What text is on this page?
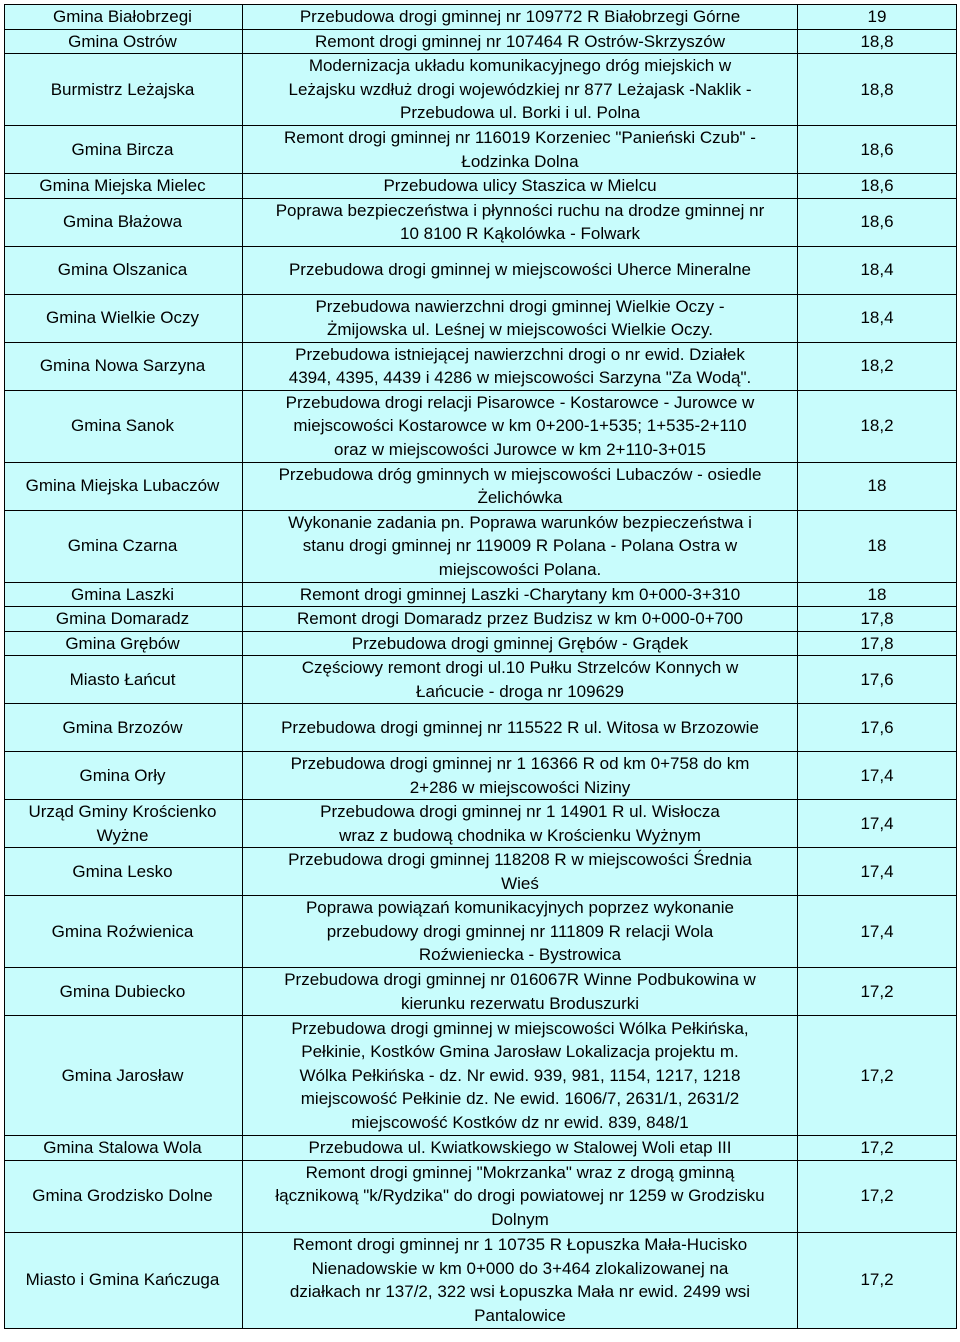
Gmina Białobrzegi	Przebudowa drogi gminnej nr 109772 R Białobrzegi Górne	19

Gmina Ostrów	Remont drogi gminnej nr 107464 R Ostrów-Skrzyszów	18,8

Burmistrz Leżajska	Modernizacja układu komunikacyjnego dróg miejskich w
Leżajsku wzdłuż drogi wojewódzkiej nr 877 Leżajask -Naklik -
Przebudowa ul. Borki i ul. Polna	18,8

Gmina Bircza	Remont drogi gminnej nr 116019 Korzeniec "Panieński Czub" -
Łodzinka Dolna	18,6

Gmina Miejska Mielec	Przebudowa ulicy Staszica w Mielcu	18,6

Gmina Błażowa	Poprawa bezpieczeństwa i płynności ruchu na drodze gminnej nr
10 8100 R Kąkolówka - Folwark	18,6

Gmina Olszanica	Przebudowa drogi gminnej w miejscowości Uherce Mineralne	18,4

Gmina Wielkie Oczy	Przebudowa nawierzchni drogi gminnej Wielkie Oczy -
Żmijowska ul. Leśnej w miejscowości Wielkie Oczy.	18,4

Gmina Nowa Sarzyna	Przebudowa istniejącej nawierzchni drogi o nr ewid. Działek
4394, 4395, 4439 i 4286 w miejscowości Sarzyna "Za Wodą".	18,2

Gmina Sanok	Przebudowa drogi relacji Pisarowce - Kostarowce - Jurowce w
miejscowości Kostarowce w km 0+200-1+535; 1+535-2+110
oraz w miejscowości Jurowce w km 2+110-3+015	18,2

Gmina Miejska Lubaczów	Przebudowa dróg gminnych w miejscowości Lubaczów - osiedle
Żelichówka	18

Gmina Czarna	Wykonanie zadania pn. Poprawa warunków bezpieczeństwa i
stanu drogi gminnej nr 119009 R Polana - Polana Ostra w
miejscowości Polana.	18

Gmina Laszki	Remont drogi gminnej Laszki -Charytany km 0+000-3+310	18

Gmina Domaradz	Remont drogi Domaradz przez Budzisz w km 0+000-0+700	17,8

Gmina Grębów	Przebudowa drogi gminnej Grębów - Grądek	17,8

Miasto Łańcut	Częściowy remont drogi ul.10 Pułku Strzelców Konnych w
Łańcucie - droga nr 109629	17,6

Gmina Brzozów	Przebudowa drogi gminnej nr 115522 R ul. Witosa w Brzozowie	17,6

Gmina Orły	Przebudowa drogi gminnej nr 1 16366 R od km 0+758 do km
2+286 w miejscowości Niziny	17,4

Urząd Gminy Krościenko
Wyżne	Przebudowa drogi gminnej nr 1 14901 R ul. Wisłocza
wraz z budową chodnika w Krościenku Wyżnym	17,4

Gmina Lesko	Przebudowa drogi gminnej 118208 R w miejscowości Średnia
Wieś	17,4

Gmina Roźwienica	Poprawa powiązań komunikacyjnych poprzez wykonanie
przebudowy drogi gminnej nr 111809 R relacji Wola
Roźwieniecka - Bystrowica	17,4

Gmina Dubiecko	Przebudowa drogi gminnej nr 016067R Winne Podbukowina w
kierunku rezerwatu Broduszurki	17,2

Gmina Jarosław	Przebudowa drogi gminnej w miejscowości Wólka Pełkińska,
Pełkinie, Kostków Gmina Jarosław Lokalizacja projektu m.
Wólka Pełkińska - dz. Nr ewid. 939, 981, 1154, 1217, 1218
miejscowość Pełkinie dz. Ne ewid. 1606/7, 2631/1, 2631/2
miejscowość Kostków dz nr ewid. 839, 848/1	17,2

Gmina Stalowa Wola	Przebudowa ul. Kwiatkowskiego w Stalowej Woli etap III	17,2

Gmina Grodzisko Dolne	Remont drogi gminnej "Mokrzanka" wraz z drogą gminną
łącznikową "k/Rydzika" do drogi powiatowej nr 1259 w Grodzisku
Dolnym	17,2

Miasto i Gmina Kańczuga	Remont drogi gminnej nr 1 10735 R Łopuszka Mała-Hucisko
Nienadowskie w km 0+000 do 3+464 zlokalizowanej na
działkach nr 137/2, 322 wsi Łopuszka Mała nr ewid. 2499 wsi
Pantalowice	17,2
